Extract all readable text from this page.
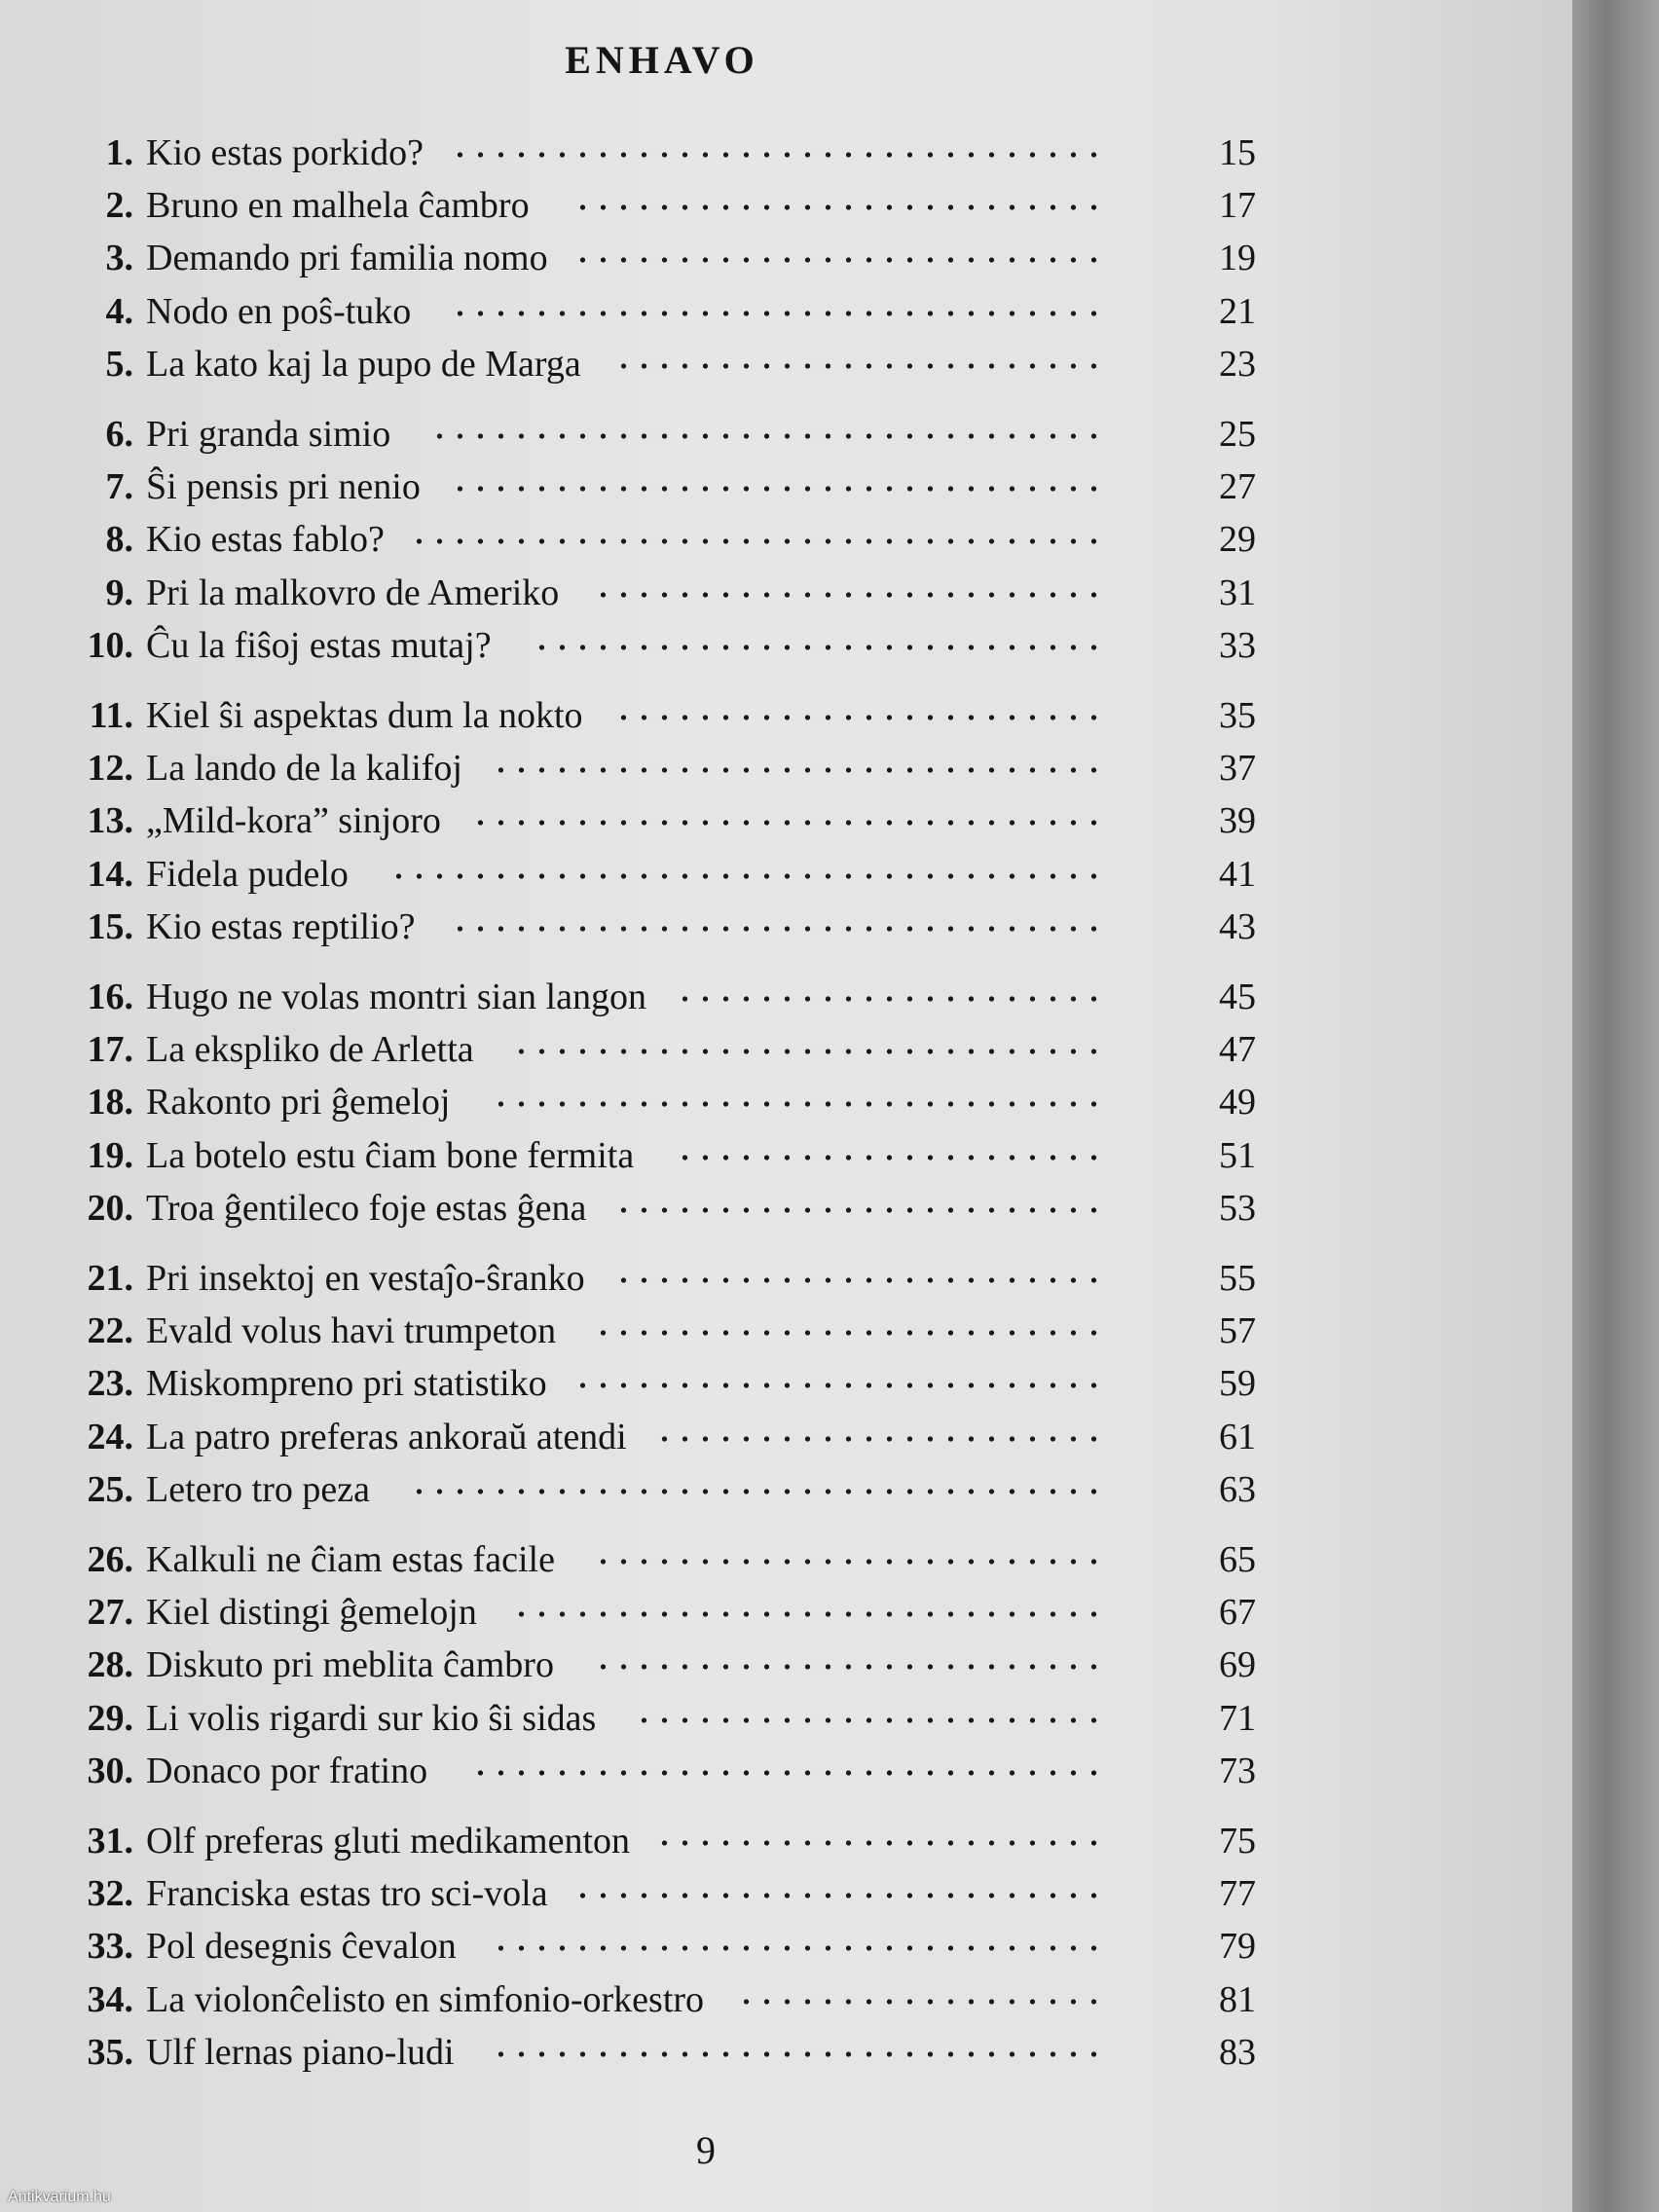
ENHAVO
1. Kio estas porkido?	15
2. Bruno en malhela ĉambro	17
3. Demando pri familia nomo	19
4. Nodo en poŝ-tuko	21
5. La kato kaj la pupo de Marga	23
6. Pri granda simio	25
7. Ŝi pensis pri nenio	27
8. Kio estas fablo?	29
9. Pri la malkovro de Ameriko	31
10. Ĉu la fiŝoj estas mutaj?	33
11. Kiel ŝi aspektas dum la nokto	35
12. La lando de la kalifoj	37
13. „Mild-kora” sinjoro	39
14. Fidela pudelo	41
15. Kio estas reptilio?	43
16. Hugo ne volas montri sian langon	45
17. La ekspliko de Arletta	47
18. Rakonto pri ĝemeloj	49
19. La botelo estu ĉiam bone fermita	51
20. Troa ĝentileco foje estas ĝena	53
21. Pri insektoj en vestaĵo-ŝranko	55
22. Evald volus havi trumpeton	57
23. Miskompreno pri statistiko	59
24. La patro preferas ankoraŭ atendi	61
25. Letero tro peza	63
26. Kalkuli ne ĉiam estas facile	65
27. Kiel distingi ĝemelojn	67
28. Diskuto pri meblita ĉambro	69
29. Li volis rigardi sur kio ŝi sidas	71
30. Donaco por fratino	73
31. Olf preferas gluti medikamenton	75
32. Franciska estas tro sci-vola	77
33. Pol desegnis ĉevalon	79
34. La violonĉelisto en simfonio-orkestro	81
35. Ulf lernas piano-ludi	83
9
Antikvarium.hu
